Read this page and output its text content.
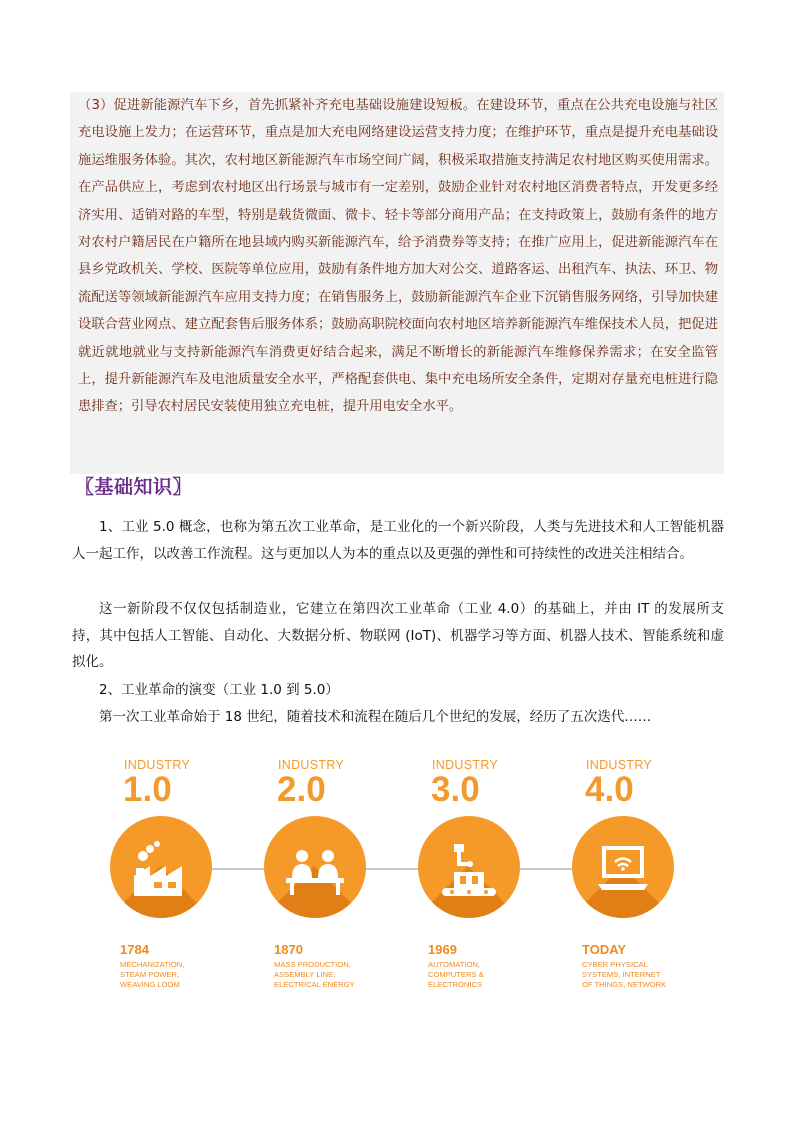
（3）促进新能源汽车下乡，首先抓紧补齐充电基础设施建设短板。在建设环节，重点在公共充电设施与社区充电设施上发力；在运营环节，重点是加大充电网络建设运营支持力度；在维护环节，重点是提升充电基础设施运维服务体验。其次，农村地区新能源汽车市场空间广阔，积极采取措施支持满足农村地区购买使用需求。在产品供应上，考虑到农村地区出行场景与城市有一定差别，鼓励企业针对农村地区消费者特点，开发更多经济实用、适销对路的车型，特别是载货微面、微卡、轻卡等部分商用产品；在支持政策上，鼓励有条件的地方对农村户籍居民在户籍所在地县域内购买新能源汽车，给予消费券等支持；在推广应用上，促进新能源汽车在县乡党政机关、学校、医院等单位应用，鼓励有条件地方加大对公交、道路客运、出租汽车、执法、环卫、物流配送等领域新能源汽车应用支持力度；在销售服务上，鼓励新能源汽车企业下沉销售服务网络，引导加快建设联合营业网点、建立配套售后服务体系；鼓励高职院校面向农村地区培养新能源汽车维保技术人员，把促进就近就地就业与支持新能源汽车消费更好结合起来，满足不断增长的新能源汽车维修保养需求；在安全监管上，提升新能源汽车及电池质量安全水平，严格配套供电、集中充电场所安全条件，定期对存量充电桩进行隐患排查；引导农村居民安装使用独立充电桩，提升用电安全水平。

〖基础知识〗

1、工业 5.0 概念，也称为第五次工业革命，是工业化的一个新兴阶段，人类与先进技术和人工智能机器人一起工作，以改善工作流程。这与更加以人为本的重点以及更强的弹性和可持续性的改进关注相结合。

这一新阶段不仅仅包括制造业，它建立在第四次工业革命（工业 4.0）的基础上，并由 IT 的发展所支持，其中包括人工智能、自动化、大数据分析、物联网 (IoT)、机器学习等方面、机器人技术、智能系统和虚拟化。

2、工业革命的演变（工业 1.0 到 5.0）

第一次工业革命始于 18 世纪，随着技术和流程在随后几个世纪的发展，经历了五次迭代……

INDUSTRY
1.0
1784
MECHANIZATION,
STEAM POWER,
WEAVING LOOM
INDUSTRY
2.0
1870
MASS PRODUCTION,
ASSEMBLY LINE,
ELECTRICAL ENERGY
INDUSTRY
3.0
1969
AUTOMATION,
COMPUTERS &
ELECTRONICS
INDUSTRY
4.0
TODAY
CYBER PHYSICAL
SYSTEMS, INTERNET
OF THINGS, NETWORK
